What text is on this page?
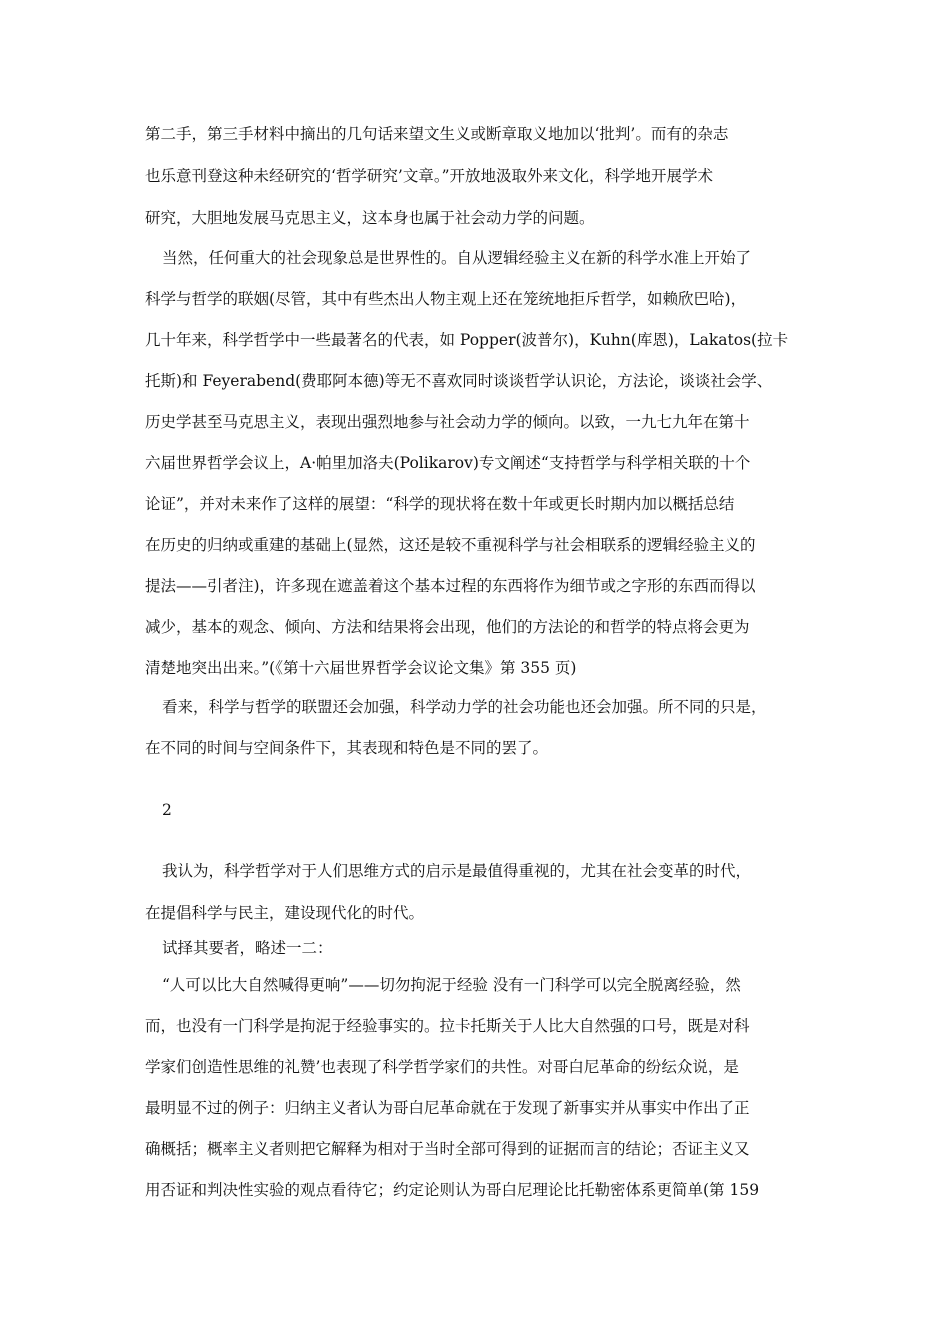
第二手，第三手材料中摘出的几句话来望文生义或断章取义地加以‘批判’。而有的杂志
也乐意刊登这种未经研究的‘哲学研究’文章。”开放地汲取外来文化，科学地开展学术
研究，大胆地发展马克思主义，这本身也属于社会动力学的问题。
当然，任何重大的社会现象总是世界性的。自从逻辑经验主义在新的科学水准上开始了
科学与哲学的联姻(尽管，其中有些杰出人物主观上还在笼统地拒斥哲学，如赖欣巴哈)，
几十年来，科学哲学中一些最著名的代表，如 Popper(波普尔)，Kuhn(库恩)，Lakatos(拉卡
托斯)和 Feyerabend(费耶阿本德)等无不喜欢同时谈谈哲学认识论，方法论，谈谈社会学、
历史学甚至马克思主义，表现出强烈地参与社会动力学的倾向。以致，一九七九年在第十
六届世界哲学会议上，A·帕里加洛夫(Polikarov)专文阐述“支持哲学与科学相关联的十个
论证”，并对未来作了这样的展望：“科学的现状将在数十年或更长时期内加以概括总结
在历史的归纳或重建的基础上(显然，这还是较不重视科学与社会相联系的逻辑经验主义的
提法——引者注)，许多现在遮盖着这个基本过程的东西将作为细节或之字形的东西而得以
减少，基本的观念、倾向、方法和结果将会出现，他们的方法论的和哲学的特点将会更为
清楚地突出出来。”(《第十六届世界哲学会议论文集》第 355 页)
看来，科学与哲学的联盟还会加强，科学动力学的社会功能也还会加强。所不同的只是，
在不同的时间与空间条件下，其表现和特色是不同的罢了。
2
我认为，科学哲学对于人们思维方式的启示是最值得重视的，尤其在社会变革的时代，
在提倡科学与民主，建设现代化的时代。
试择其要者，略述一二：
“人可以比大自然喊得更响”——切勿拘泥于经验 没有一门科学可以完全脱离经验，然
而，也没有一门科学是拘泥于经验事实的。拉卡托斯关于人比大自然强的口号，既是对科
学家们创造性思维的礼赞’也表现了科学哲学家们的共性。对哥白尼革命的纷纭众说，是
最明显不过的例子：归纳主义者认为哥白尼革命就在于发现了新事实并从事实中作出了正
确概括；概率主义者则把它解释为相对于当时全部可得到的证据而言的结论；否证主义又
用否证和判决性实验的观点看待它；约定论则认为哥白尼理论比托勒密体系更简单(第 159
